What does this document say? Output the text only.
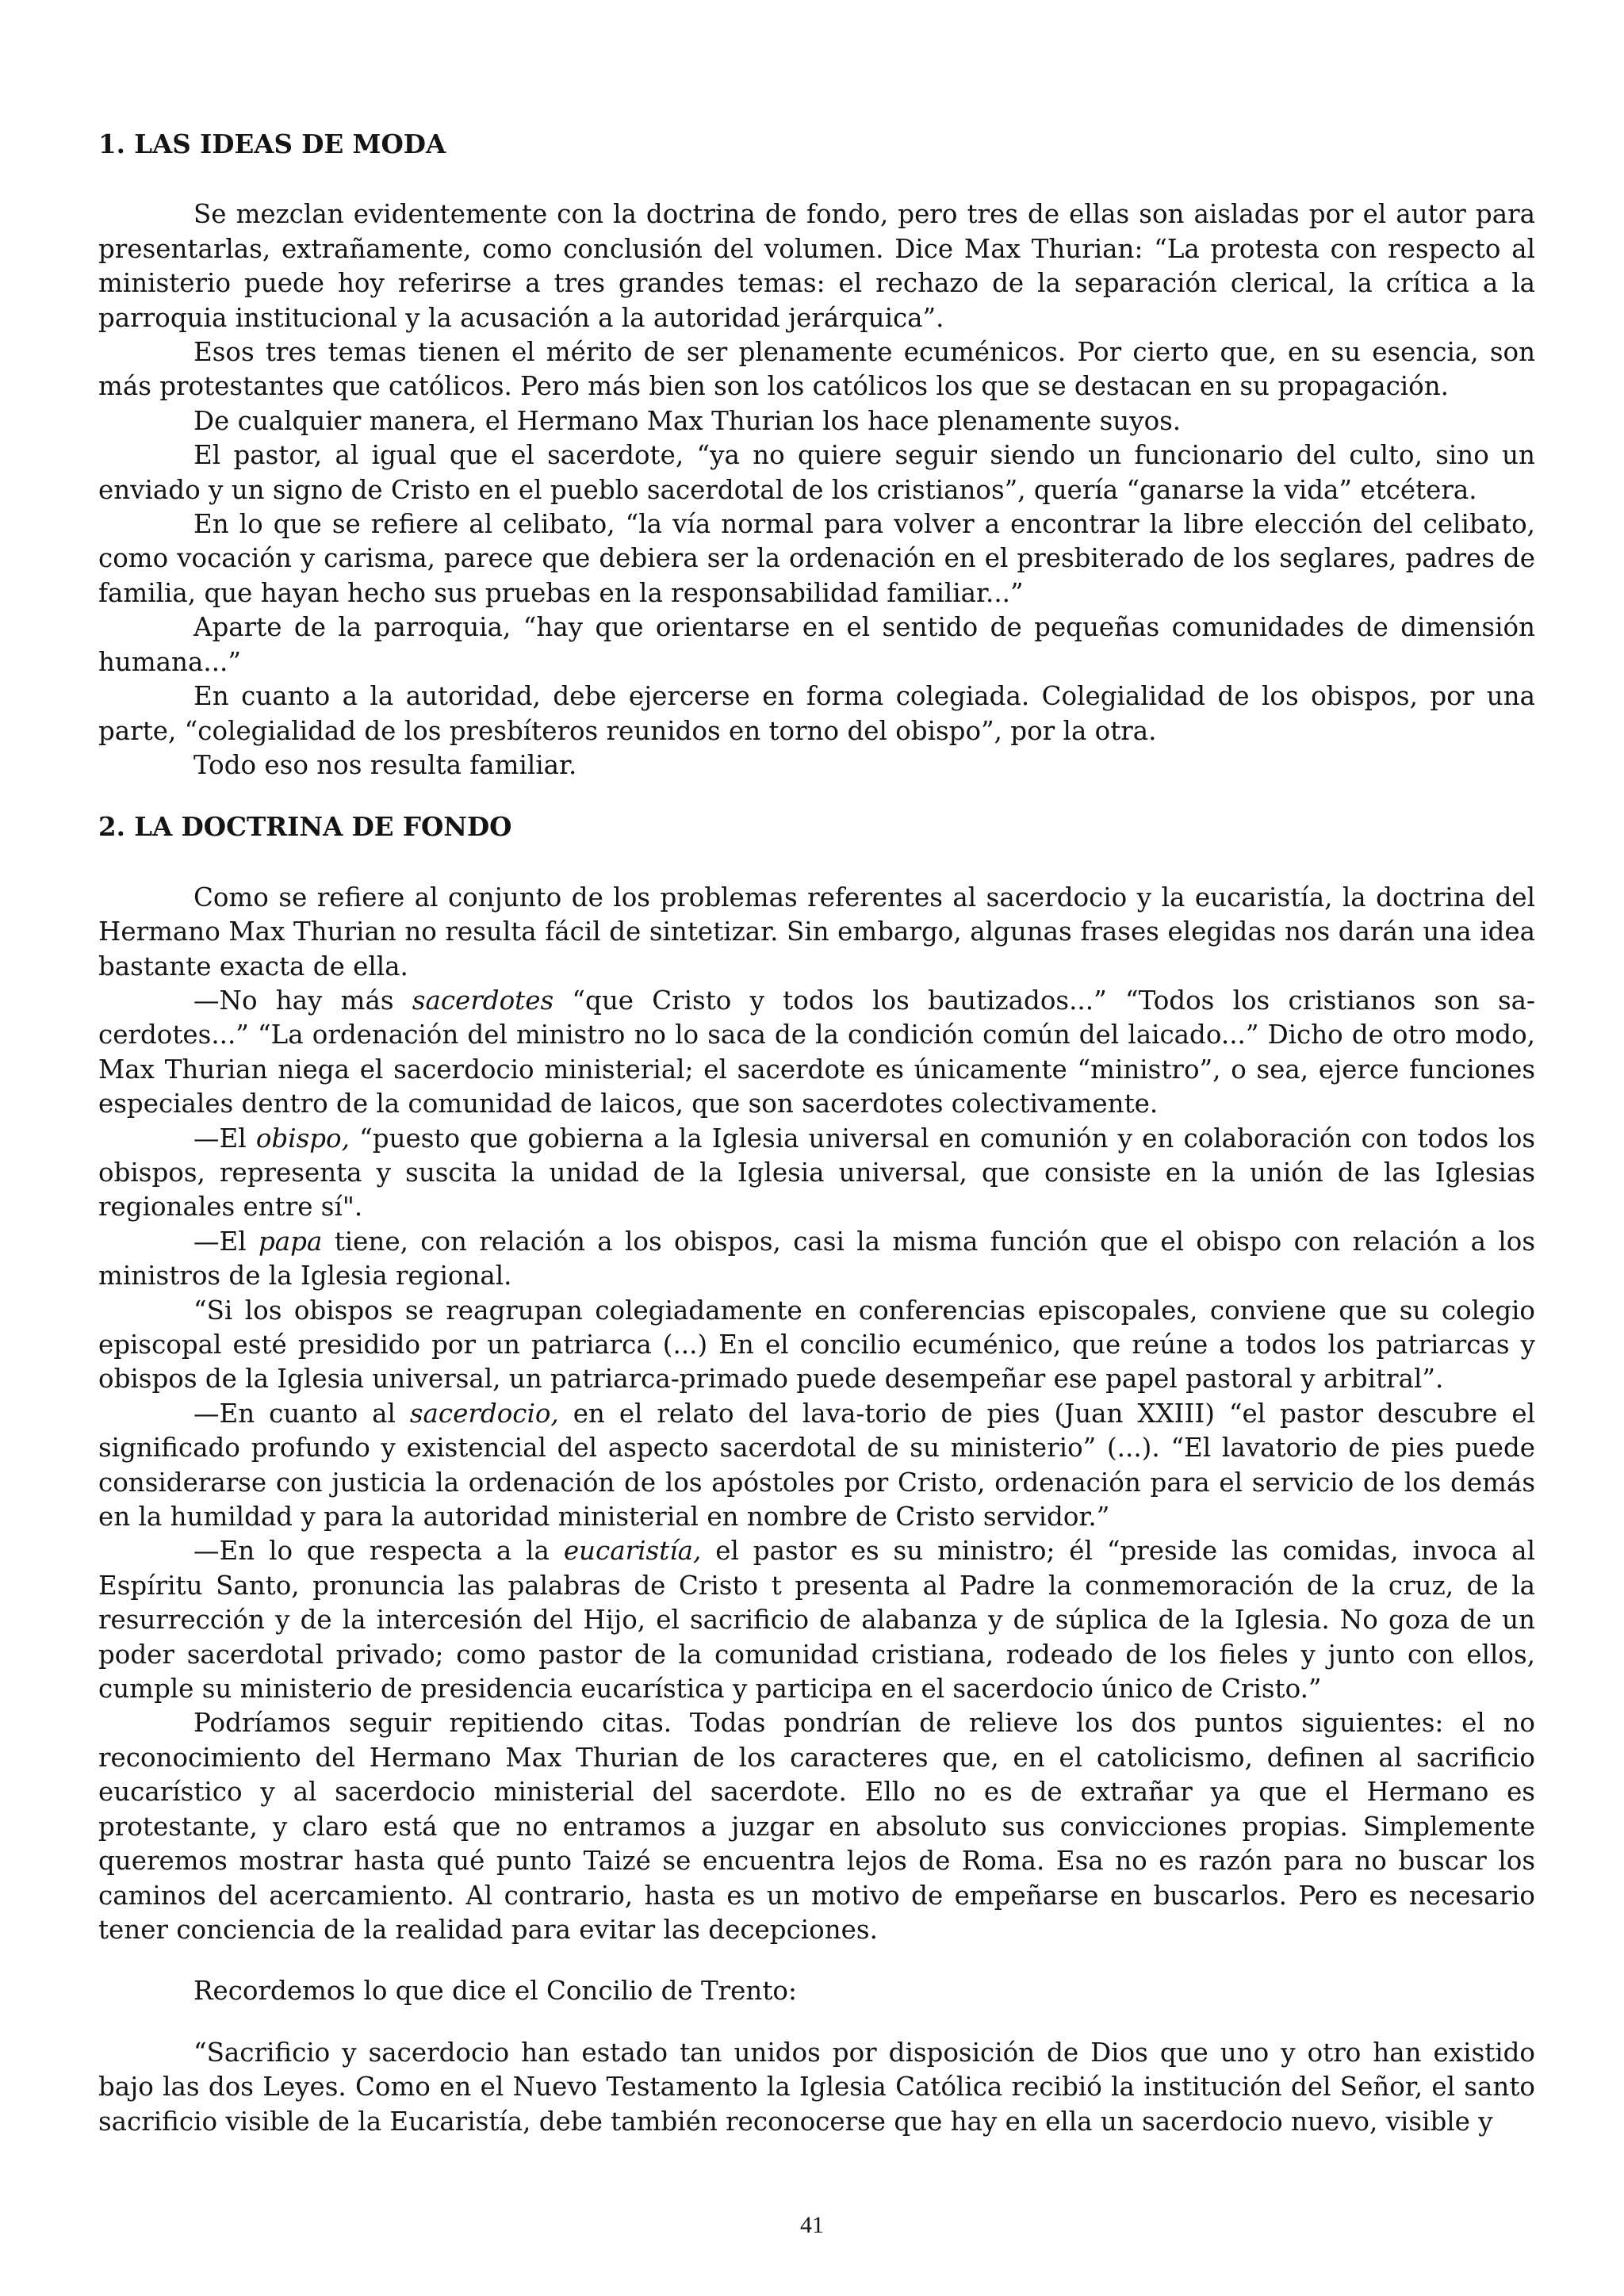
1. LAS IDEAS DE MODA

Se mezclan evidentemente con la doctrina de fondo, pero tres de ellas son aisladas por el autor para presentarlas, extrañamente, como conclusión del volumen. Dice Max Thurian: “La protesta con respecto al ministerio puede hoy referirse a tres grandes temas: el rechazo de la separación clerical, la crítica a la parroquia institucional y la acusación a la autoridad jerárquica”.

Esos tres temas tienen el mérito de ser plenamente ecuménicos. Por cierto que, en su esencia, son más protestantes que católicos. Pero más bien son los católicos los que se destacan en su propagación.

De cualquier manera, el Hermano Max Thurian los hace plenamente suyos.

El pastor, al igual que el sacerdote, “ya no quiere seguir siendo un funcionario del culto, sino un enviado y un signo de Cristo en el pueblo sacerdotal de los cristianos”, quería “ganarse la vida” etcétera.

En lo que se refiere al celibato, “la vía normal para volver a encontrar la libre elección del celibato, como vocación y carisma, parece que debiera ser la ordenación en el presbiterado de los seglares, padres de familia, que hayan hecho sus pruebas en la responsabilidad familiar...”

Aparte de la parroquia, “hay que orientarse en el sentido de pequeñas comunidades de dimensión humana...”

En cuanto a la autoridad, debe ejercerse en forma colegiada. Colegialidad de los obispos, por una parte, “colegialidad de los presbíteros reunidos en torno del obispo”, por la otra.

Todo eso nos resulta familiar.

2. LA DOCTRINA DE FONDO

Como se refiere al conjunto de los problemas referentes al sacerdocio y la eucaristía, la doctrina del Hermano Max Thurian no resulta fácil de sintetizar. Sin embargo, algunas frases elegidas nos darán una idea bastante exacta de ella.

—No hay más sacerdotes “que Cristo y todos los bautizados...” “Todos los cristianos son sa-cerdotes...” “La ordenación del ministro no lo saca de la condición común del laicado...” Dicho de otro modo, Max Thurian niega el sacerdocio ministerial; el sacerdote es únicamente “ministro”, o sea, ejerce funciones especiales dentro de la comunidad de laicos, que son sacerdotes colectivamente.

—El obispo, “puesto que gobierna a la Iglesia universal en comunión y en colaboración con todos los obispos, representa y suscita la unidad de la Iglesia universal, que consiste en la unión de las Iglesias regionales entre sí".

—El papa tiene, con relación a los obispos, casi la misma función que el obispo con relación a los ministros de la Iglesia regional.

“Si los obispos se reagrupan colegiadamente en conferencias episcopales, conviene que su colegio episcopal esté presidido por un patriarca (...) En el concilio ecuménico, que reúne a todos los patriarcas y obispos de la Iglesia universal, un patriarca-primado puede desempeñar ese papel pastoral y arbitral”.

—En cuanto al sacerdocio, en el relato del lava-torio de pies (Juan XXIII) “el pastor descubre el significado profundo y existencial del aspecto sacerdotal de su ministerio” (...). “El lavatorio de pies puede considerarse con justicia la ordenación de los apóstoles por Cristo, ordenación para el servicio de los demás en la humildad y para la autoridad ministerial en nombre de Cristo servidor.”

—En lo que respecta a la eucaristía, el pastor es su ministro; él “preside las comidas, invoca al Espíritu Santo, pronuncia las palabras de Cristo t presenta al Padre la conmemoración de la cruz, de la resurrección y de la intercesión del Hijo, el sacrificio de alabanza y de súplica de la Iglesia. No goza de un poder sacerdotal privado; como pastor de la comunidad cristiana, rodeado de los fieles y junto con ellos, cumple su ministerio de presidencia eucarística y participa en el sacerdocio único de Cristo.”

Podríamos seguir repitiendo citas. Todas pondrían de relieve los dos puntos siguientes: el no reconocimiento del Hermano Max Thurian de los caracteres que, en el catolicismo, definen al sacrificio eucarístico y al sacerdocio ministerial del sacerdote. Ello no es de extrañar ya que el Hermano es protestante, y claro está que no entramos a juzgar en absoluto sus convicciones propias. Simplemente queremos mostrar hasta qué punto Taizé se encuentra lejos de Roma. Esa no es razón para no buscar los caminos del acercamiento. Al contrario, hasta es un motivo de empeñarse en buscarlos. Pero es necesario tener conciencia de la realidad para evitar las decepciones.

Recordemos lo que dice el Concilio de Trento:

“Sacrificio y sacerdocio han estado tan unidos por disposición de Dios que uno y otro han existido bajo las dos Leyes. Como en el Nuevo Testamento la Iglesia Católica recibió la institución del Señor, el santo sacrificio visible de la Eucaristía, debe también reconocerse que hay en ella un sacerdocio nuevo, visible y

41
